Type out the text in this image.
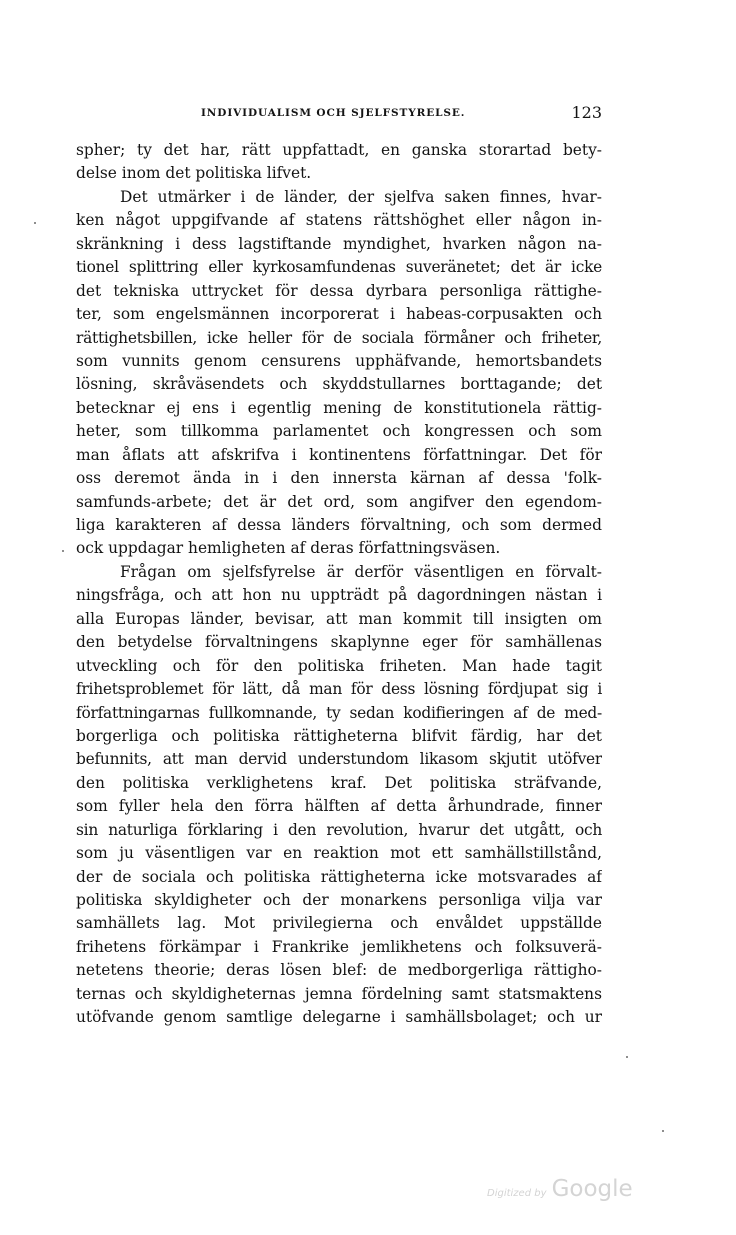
INDIVIDUALISM OCH SJELFSTYRELSE.	123
spher; ty det har, rätt uppfattadt, en ganska storartad bety-
delse inom det politiska lifvet.
Det utmärker i de länder, der sjelfva saken finnes, hvar-
ken något uppgifvande af statens rättshöghet eller någon in-
skränkning i dess lagstiftande myndighet, hvarken någon na-
tionel splittring eller kyrkosamfundenas suveränetet; det är icke
det tekniska uttrycket för dessa dyrbara personliga rättighe-
ter, som engelsmännen incorporerat i habeas-corpusakten och
rättighetsbillen, icke heller för de sociala förmåner och friheter,
som vunnits genom censurens upphäfvande, hemortsbandets
lösning, skråväsendets och skyddstullarnes borttagande; det
betecknar ej ens i egentlig mening de konstitutionela rättig-
heter, som tillkomma parlamentet och kongressen och som
man åflats att afskrifva i kontinentens författningar. Det för
oss deremot ända in i den innersta kärnan af dessa 'folk-
samfunds-arbete; det är det ord, som angifver den egendom-
liga karakteren af dessa länders förvaltning, och som dermed
ock uppdagar hemligheten af deras författningsväsen.
Frågan om sjelfsfyrelse är derför väsentligen en förvalt-
ningsfråga, och att hon nu uppträdt på dagordningen nästan i
alla Europas länder, bevisar, att man kommit till insigten om
den betydelse förvaltningens skaplynne eger för samhällenas
utveckling och för den politiska friheten. Man hade tagit
frihetsproblemet för lätt, då man för dess lösning fördjupat sig i
författningarnas fullkomnande, ty sedan kodifieringen af de med-
borgerliga och politiska rättigheterna blifvit färdig, har det
befunnits, att man dervid understundom likasom skjutit utöfver
den politiska verklighetens kraf. Det politiska sträfvande,
som fyller hela den förra hälften af detta århundrade, finner
sin naturliga förklaring i den revolution, hvarur det utgått, och
som ju väsentligen var en reaktion mot ett samhällstillstånd,
der de sociala och politiska rättigheterna icke motsvarades af
politiska skyldigheter och der monarkens personliga vilja var
samhällets lag. Mot privilegierna och envåldet uppställde
frihetens förkämpar i Frankrike jemlikhetens och folksuverä-
netetens theorie; deras lösen blef: de medborgerliga rättigho-
ternas och skyldigheternas jemna fördelning samt statsmaktens
utöfvande genom samtlige delegarne i samhällsbolaget; och ur
Digitized by Google
